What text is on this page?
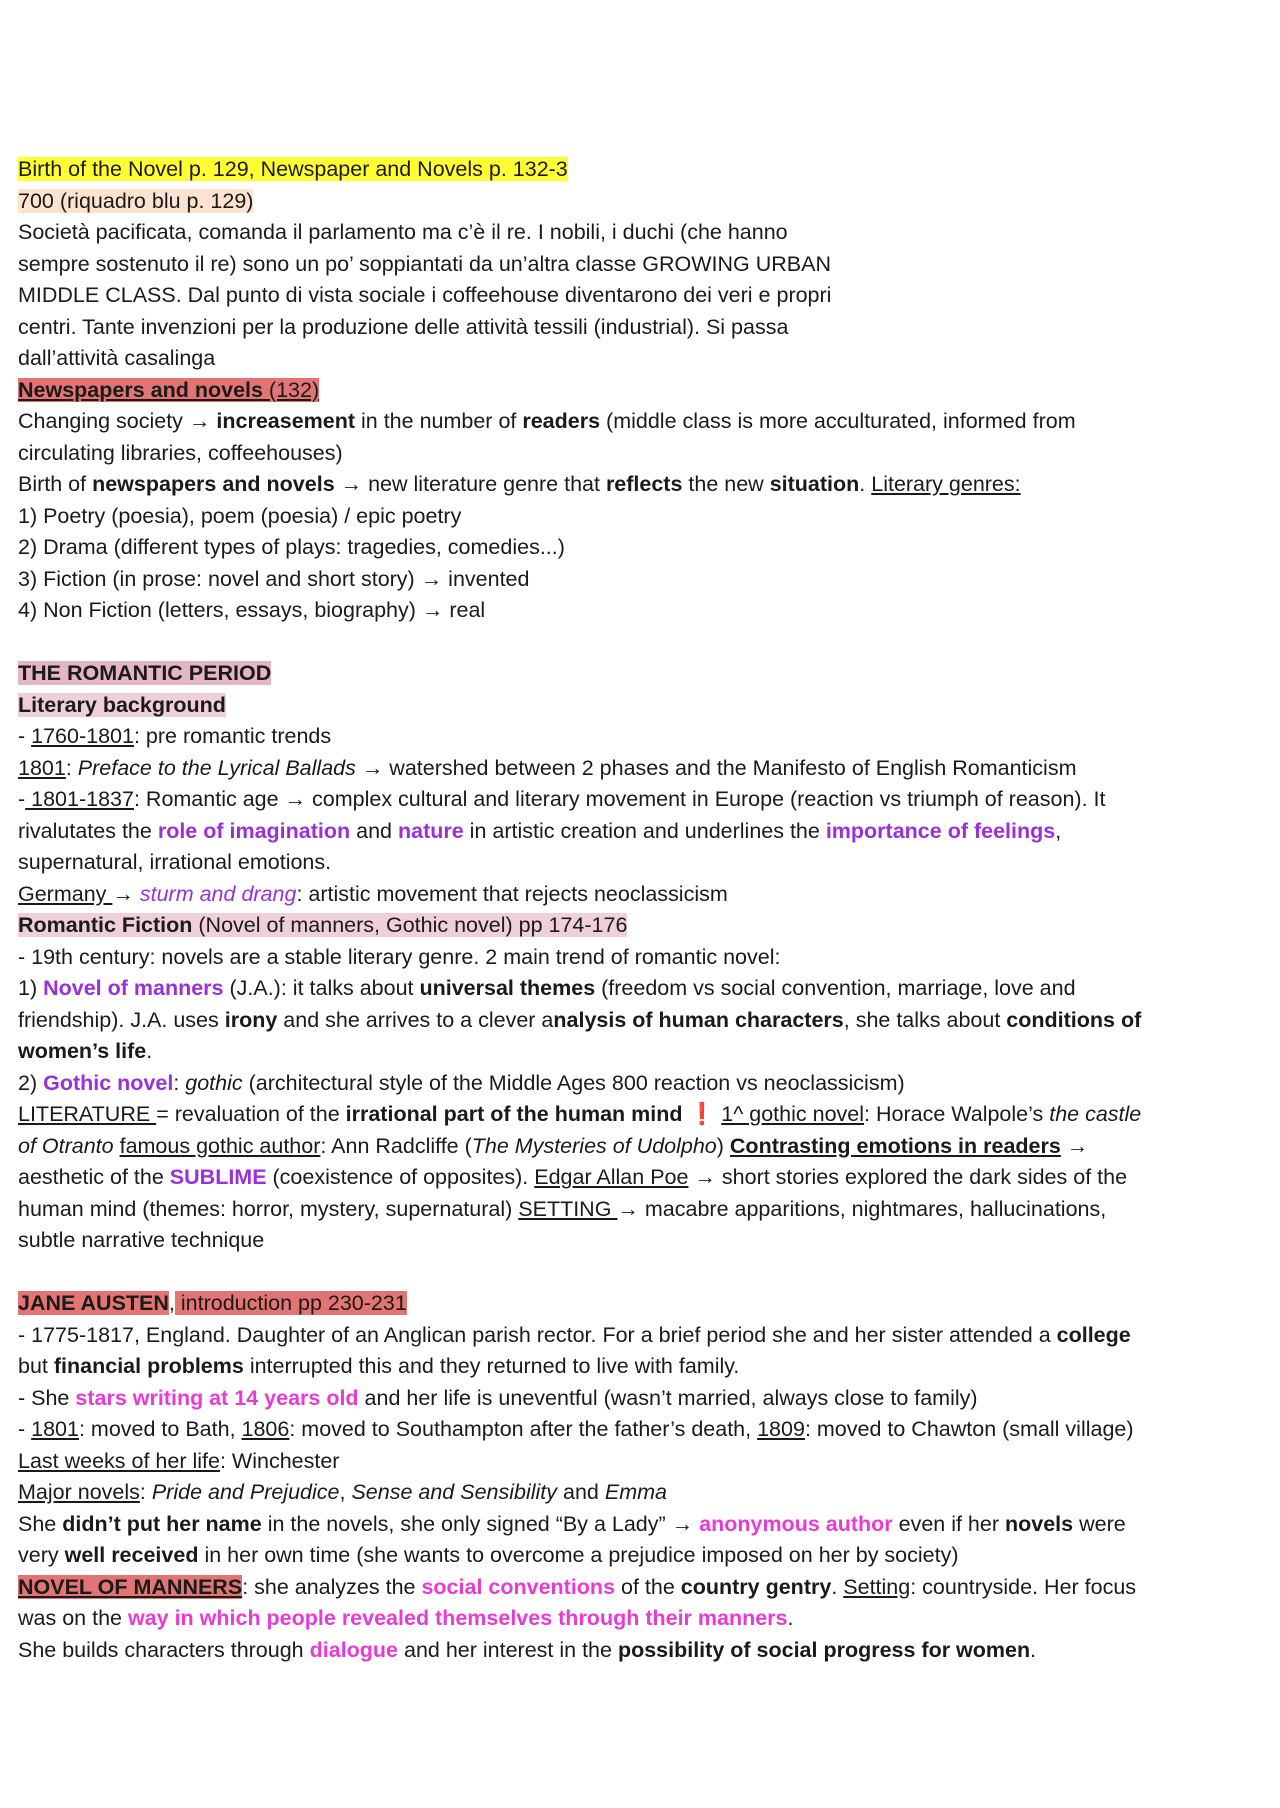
Birth of the Novel p. 129, Newspaper and Novels p. 132-3
700 (riquadro blu p. 129)
Società pacificata, comanda il parlamento ma c’è il re. I nobili, i duchi (che hanno
sempre sostenuto il re) sono un po’ soppiantati da un’altra classe GROWING URBAN
MIDDLE CLASS. Dal punto di vista sociale i coffeehouse diventarono dei veri e propri
centri. Tante invenzioni per la produzione delle attività tessili (industrial). Si passa
dall’attività casalinga
Newspapers and novels (132)
Changing society → increasement in the number of readers (middle class is more acculturated, informed from
circulating libraries, coffeehouses)
Birth of newspapers and novels → new literature genre that reflects the new situation. Literary genres:
1) Poetry (poesia), poem (poesia) / epic poetry
2) Drama (different types of plays: tragedies, comedies...)
3) Fiction (in prose: novel and short story) → invented
4) Non Fiction (letters, essays, biography) → real
THE ROMANTIC PERIOD
Literary background
- 1760-1801: pre romantic trends
1801: Preface to the Lyrical Ballads → watershed between 2 phases and the Manifesto of English Romanticism
- 1801-1837: Romantic age → complex cultural and literary movement in Europe (reaction vs triumph of reason). It
rivalutates the role of imagination and nature in artistic creation and underlines the importance of feelings,
supernatural, irrational emotions.
Germany → sturm and drang: artistic movement that rejects neoclassicism
Romantic Fiction (Novel of manners, Gothic novel) pp 174-176
- 19th century: novels are a stable literary genre. 2 main trend of romantic novel:
1) Novel of manners (J.A.): it talks about universal themes (freedom vs social convention, marriage, love and
friendship). J.A. uses irony and she arrives to a clever analysis of human characters, she talks about conditions of
women’s life.
2) Gothic novel: gothic (architectural style of the Middle Ages 800 reaction vs neoclassicism)
LITERATURE = revaluation of the irrational part of the human mind ❗ 1^ gothic novel: Horace Walpole’s the castle
of Otranto famous gothic author: Ann Radcliffe (The Mysteries of Udolpho) Contrasting emotions in readers →
aesthetic of the SUBLIME (coexistence of opposites). Edgar Allan Poe → short stories explored the dark sides of the
human mind (themes: horror, mystery, supernatural) SETTING → macabre apparitions, nightmares, hallucinations,
subtle narrative technique
JANE AUSTEN, introduction pp 230-231
- 1775-1817, England. Daughter of an Anglican parish rector. For a brief period she and her sister attended a college
but financial problems interrupted this and they returned to live with family.
- She stars writing at 14 years old and her life is uneventful (wasn’t married, always close to family)
- 1801: moved to Bath, 1806: moved to Southampton after the father’s death, 1809: moved to Chawton (small village)
Last weeks of her life: Winchester
Major novels: Pride and Prejudice, Sense and Sensibility and Emma
She didn’t put her name in the novels, she only signed “By a Lady” → anonymous author even if her novels were
very well received in her own time (she wants to overcome a prejudice imposed on her by society)
NOVEL OF MANNERS: she analyzes the social conventions of the country gentry. Setting: countryside. Her focus
was on the way in which people revealed themselves through their manners.
She builds characters through dialogue and her interest in the possibility of social progress for women.
